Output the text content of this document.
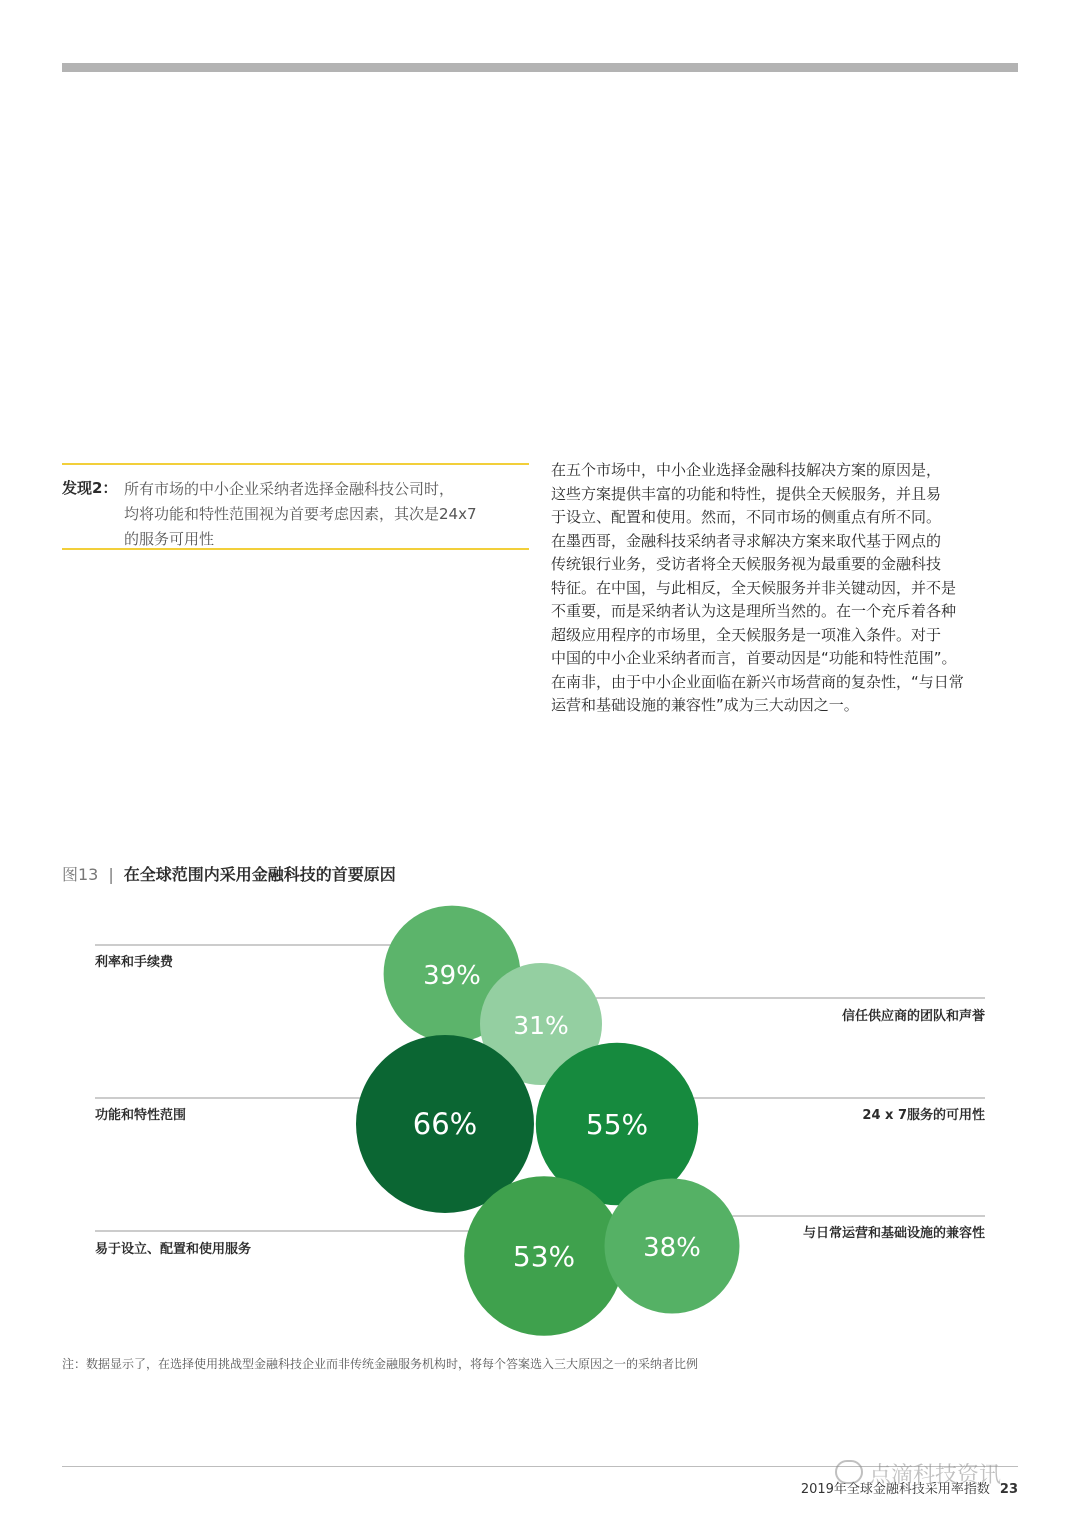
发现2： 所有市场的中小企业采纳者选择金融科技公司时，
均将功能和特性范围视为首要考虑因素，其次是24x7
的服务可用性
在五个市场中，中小企业选择金融科技解决方案的原因是，
这些方案提供丰富的功能和特性，提供全天候服务，并且易
于设立、配置和使用。然而，不同市场的侧重点有所不同。
在墨西哥，金融科技采纳者寻求解决方案来取代基于网点的
传统银行业务，受访者将全天候服务视为最重要的金融科技
特征。在中国，与此相反，全天候服务并非关键动因，并不是
不重要，而是采纳者认为这是理所当然的。在一个充斥着各种
超级应用程序的市场里，全天候服务是一项准入条件。对于
中国的中小企业采纳者而言，首要动因是“功能和特性范围”。
在南非，由于中小企业面临在新兴市场营商的复杂性，“与日常
运营和基础设施的兼容性”成为三大动因之一。
图13 | 在全球范围内采用金融科技的首要原因
39%
31%
66%	55%
53%	38%
利率和手续费
信任供应商的团队和声誉
功能和特性范围	24 x 7服务的可用性
易于设立、配置和使用服务
与日常运营和基础设施的兼容性
注：数据显示了，在选择使用挑战型金融科技企业而非传统金融服务机构时，将每个答案选入三大原因之一的采纳者比例
2019年全球金融科技采用率指数 23
点滴科技资讯
